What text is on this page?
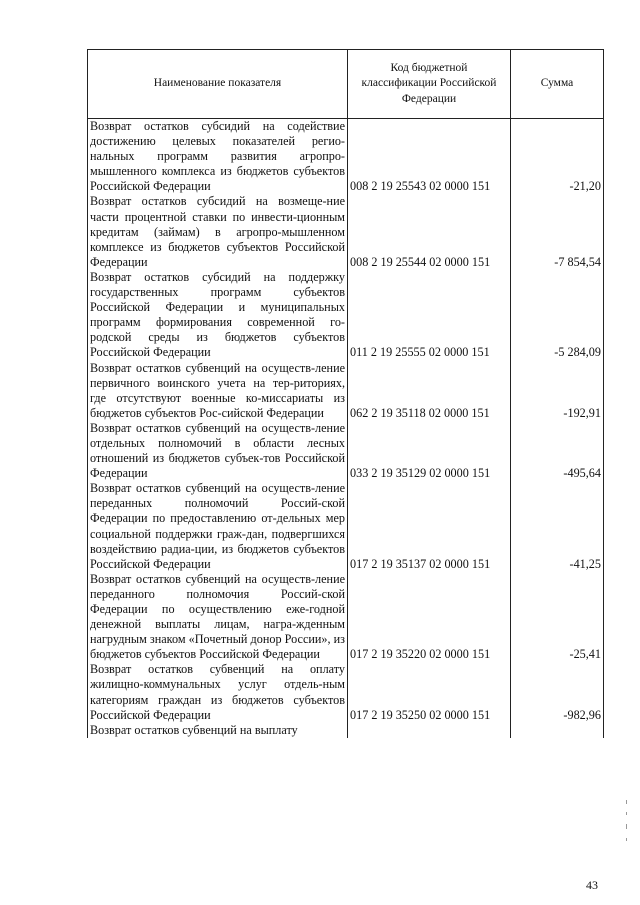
Наименование показателя	Код бюджетной классификации Российской Федерации	Сумма
Возврат остатков субсидий на содействие достижению целевых показателей регио-нальных программ развития агропро-мышленного комплекса из бюджетов субъектов Российской Федерации	008 2 19 25543 02 0000 151	-21,20
Возврат остатков субсидий на возмеще-ние части процентной ставки по инвести-ционным кредитам (займам) в агропро-мышленном комплексе из бюджетов субъектов Российской Федерации	008 2 19 25544 02 0000 151	-7 854,54
Возврат остатков субсидий на поддержку государственных программ субъектов Российской Федерации и муниципальных программ формирования современной го-родской среды из бюджетов субъектов Российской Федерации	011 2 19 25555 02 0000 151	-5 284,09
Возврат остатков субвенций на осуществ-ление первичного воинского учета на тер-риториях, где отсутствуют военные ко-миссариаты из бюджетов субъектов Рос-сийской Федерации	062 2 19 35118 02 0000 151	-192,91
Возврат остатков субвенций на осуществ-ление отдельных полномочий в области лесных отношений из бюджетов субъек-тов Российской Федерации	033 2 19 35129 02 0000 151	-495,64
Возврат остатков субвенций на осуществ-ление переданных полномочий Россий-ской Федерации по предоставлению от-дельных мер социальной поддержки граж-дан, подвергшихся воздействию радиа-ции, из бюджетов субъектов Российской Федерации	017 2 19 35137 02 0000 151	-41,25
Возврат остатков субвенций на осуществ-ление переданного полномочия Россий-ской Федерации по осуществлению еже-годной денежной выплаты лицам, награ-жденным нагрудным знаком «Почетный донор России», из бюджетов субъектов Российской Федерации	017 2 19 35220 02 0000 151	-25,41
Возврат остатков субвенций на оплату жилищно-коммунальных услуг отдель-ным категориям граждан из бюджетов субъектов Российской Федерации	017 2 19 35250 02 0000 151	-982,96
Возврат остатков субвенций на выплату		
43
